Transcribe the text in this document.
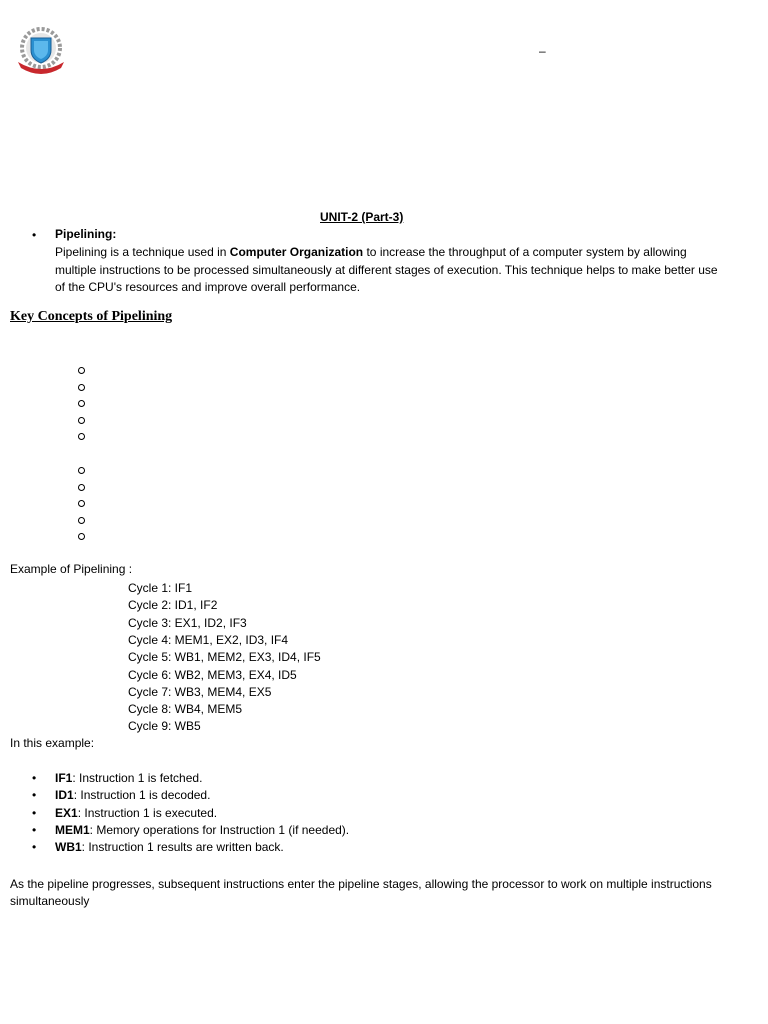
–
UNIT-2 (Part-3)
• Pipelining:
Pipelining is a technique used in Computer Organization to increase the throughput of a computer system by allowing multiple instructions to be processed simultaneously at different stages of execution. This technique helps to make better use of the CPU's resources and improve overall performance.
Key Concepts of Pipelining
Example of Pipelining :
Cycle 1: IF1
Cycle 2: ID1, IF2
Cycle 3: EX1, ID2, IF3
Cycle 4: MEM1, EX2, ID3, IF4
Cycle 5: WB1, MEM2, EX3, ID4, IF5
Cycle 6: WB2, MEM3, EX4, ID5
Cycle 7: WB3, MEM4, EX5
Cycle 8: WB4, MEM5
Cycle 9: WB5
In this example:
• IF1: Instruction 1 is fetched.
• ID1: Instruction 1 is decoded.
• EX1: Instruction 1 is executed.
• MEM1: Memory operations for Instruction 1 (if needed).
• WB1: Instruction 1 results are written back.
As the pipeline progresses, subsequent instructions enter the pipeline stages, allowing the processor to work on multiple instructions simultaneously
